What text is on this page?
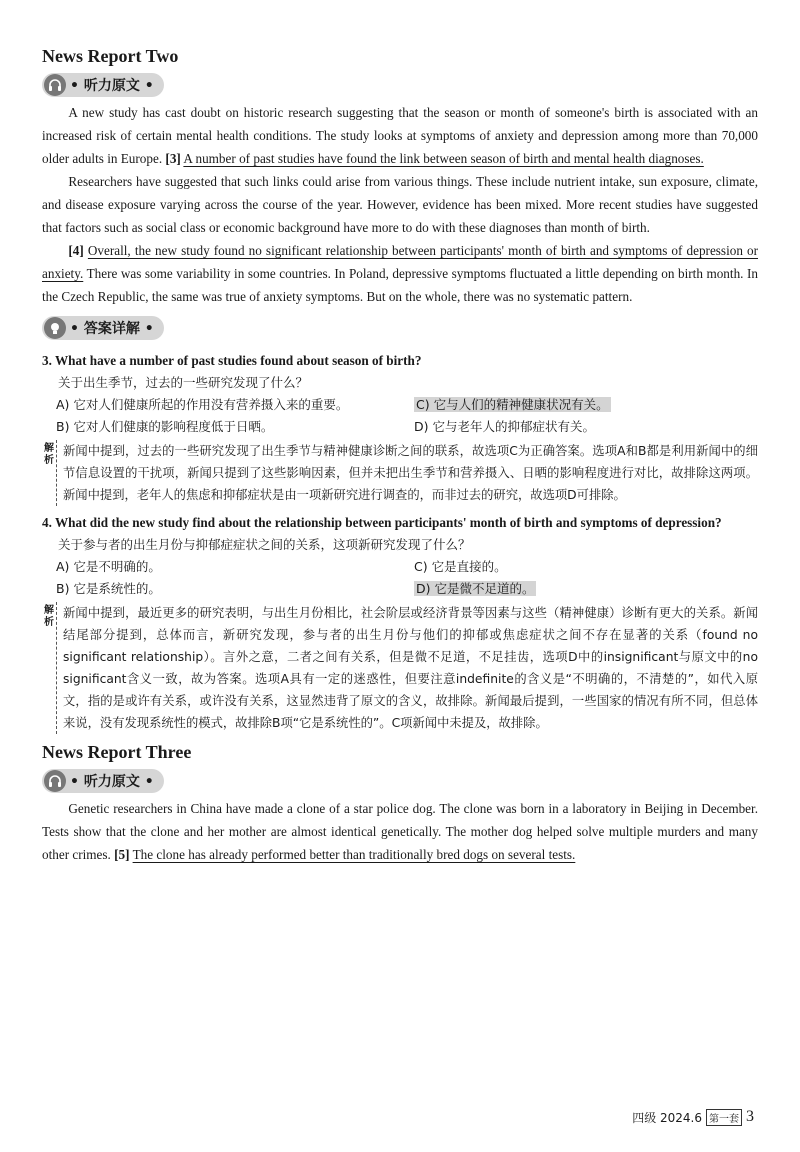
News Report Two
• 听力原文 •

A new study has cast doubt on historic research suggesting that the season or month of someone's birth is associated with an increased risk of certain mental health conditions. The study looks at symptoms of anxiety and depression among more than 70,000 older adults in Europe. [3] A number of past studies have found the link between season of birth and mental health diagnoses.

Researchers have suggested that such links could arise from various things. These include nutrient intake, sun exposure, climate, and disease exposure varying across the course of the year. However, evidence has been mixed. More recent studies have suggested that factors such as social class or economic background have more to do with these diagnoses than month of birth.

[4] Overall, the new study found no significant relationship between participants' month of birth and symptoms of depression or anxiety. There was some variability in some countries. In Poland, depressive symptoms fluctuated a little depending on birth month. In the Czech Republic, the same was true of anxiety symptoms. But on the whole, there was no systematic pattern.

• 答案详解 •

3. What have a number of past studies found about season of birth?

关于出生季节，过去的一些研究发现了什么？

A) 它对人们健康所起的作用没有营养摄入来的重要。	C) 它与人们的精神健康状况有关。
B) 它对人们健康的影响程度低于日晒。	D) 它与老年人的抑郁症状有关。
解析
新闻中提到，过去的一些研究发现了出生季节与精神健康诊断之间的联系，故选项C为正确答案。选项A和B都是利用新闻中的细节信息设置的干扰项，新闻只提到了这些影响因素，但并未把出生季节和营养摄入、日晒的影响程度进行对比，故排除这两项。新闻中提到，老年人的焦虑和抑郁症状是由一项新研究进行调查的，而非过去的研究，故选项D可排除。

4. What did the new study find about the relationship between participants' month of birth and symptoms of depression?

关于参与者的出生月份与抑郁症症状之间的关系，这项新研究发现了什么？

A) 它是不明确的。	C) 它是直接的。
B) 它是系统性的。	D) 它是微不足道的。
解析
新闻中提到，最近更多的研究表明，与出生月份相比，社会阶层或经济背景等因素与这些（精神健康）诊断有更大的关系。新闻结尾部分提到，总体而言，新研究发现，参与者的出生月份与他们的抑郁或焦虑症状之间不存在显著的关系（found no significant relationship）。言外之意，二者之间有关系，但是微不足道，不足挂齿，选项D中的insignificant与原文中的no significant含义一致，故为答案。选项A具有一定的迷惑性，但要注意indefinite的含义是“不明确的，不清楚的”，如代入原文，指的是或许有关系，或许没有关系，这显然违背了原文的含义，故排除。新闻最后提到，一些国家的情况有所不同，但总体来说，没有发现系统性的模式，故排除B项“它是系统性的”。C项新闻中未提及，故排除。
News Report Three
• 听力原文 •

Genetic researchers in China have made a clone of a star police dog. The clone was born in a laboratory in Beijing in December. Tests show that the clone and her mother are almost identical genetically. The mother dog helped solve multiple murders and many other crimes. [5] The clone has already performed better than traditionally bred dogs on several tests.

四级 2024.6 第一套 3
